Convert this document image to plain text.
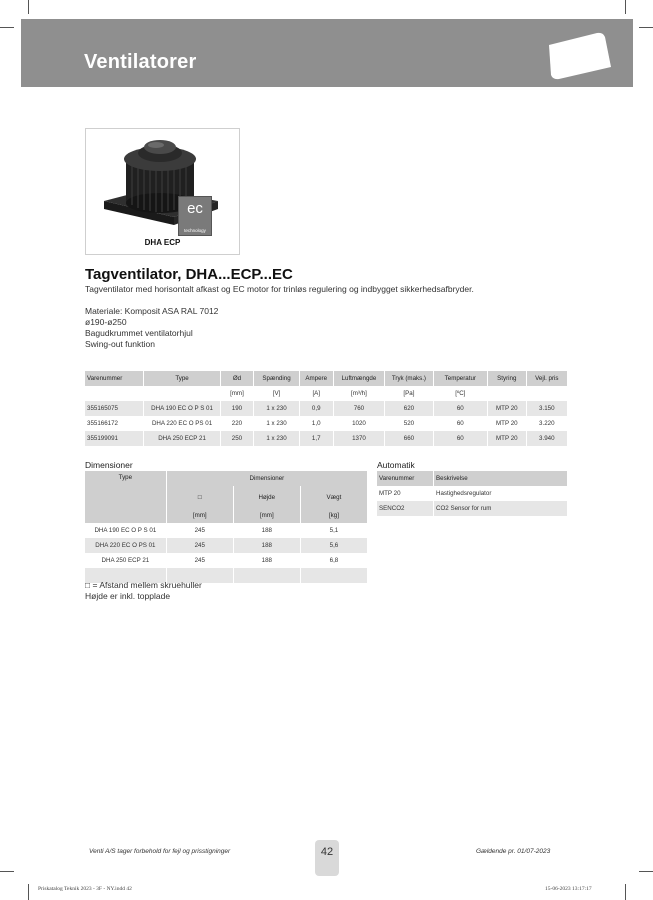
Ventilatorer
ec
technology
DHA ECP
Tagventilator, DHA...ECP...EC
Tagventilator med horisontalt afkast og EC motor for trinløs regulering og indbygget sikkerhedsafbryder.
Materiale: Komposit ASA RAL 7012
ø190-ø250
Bagudkrummet ventilatorhjul
Swing-out funktion
Varenummer	Type	Ød	Spænding	Ampere	Luftmængde	Tryk (maks.)	Temperatur	Styring	Vejl. pris
		[mm]	[V]	[A]	[m³/h]	[Pa]	[ºC]		
355165075	DHA 190 EC O P S 01	190	1 x 230	0,9	760	620	60	MTP 20	3.150
355166172	DHA 220 EC O PS 01	220	1 x 230	1,0	1020	520	60	MTP 20	3.220
355199091	DHA 250 ECP 21	250	1 x 230	1,7	1370	660	60	MTP 20	3.940
Dimensioner
Type	Dimensioner		
	□	Højde	Vægt
	[mm]	[mm]	[kg]
DHA 190 EC O P S 01	245	188	5,1
DHA 220 EC O PS 01	245	188	5,6
DHA 250 ECP 21	245	188	6,8

Automatik
Varenummer	Beskrivelse
MTP 20	Hastighedsregulator
SENCO2	CO2 Sensor for rum
□ = Afstand mellem skruehuller
Højde er inkl. topplade
Venti A/S tager forbehold for fejl og prisstigninger	42	Gældende pr. 01/07-2023
Priskatalog Teknik 2023 - 3F - NY.indd 42	15-06-2023 13:17:17
